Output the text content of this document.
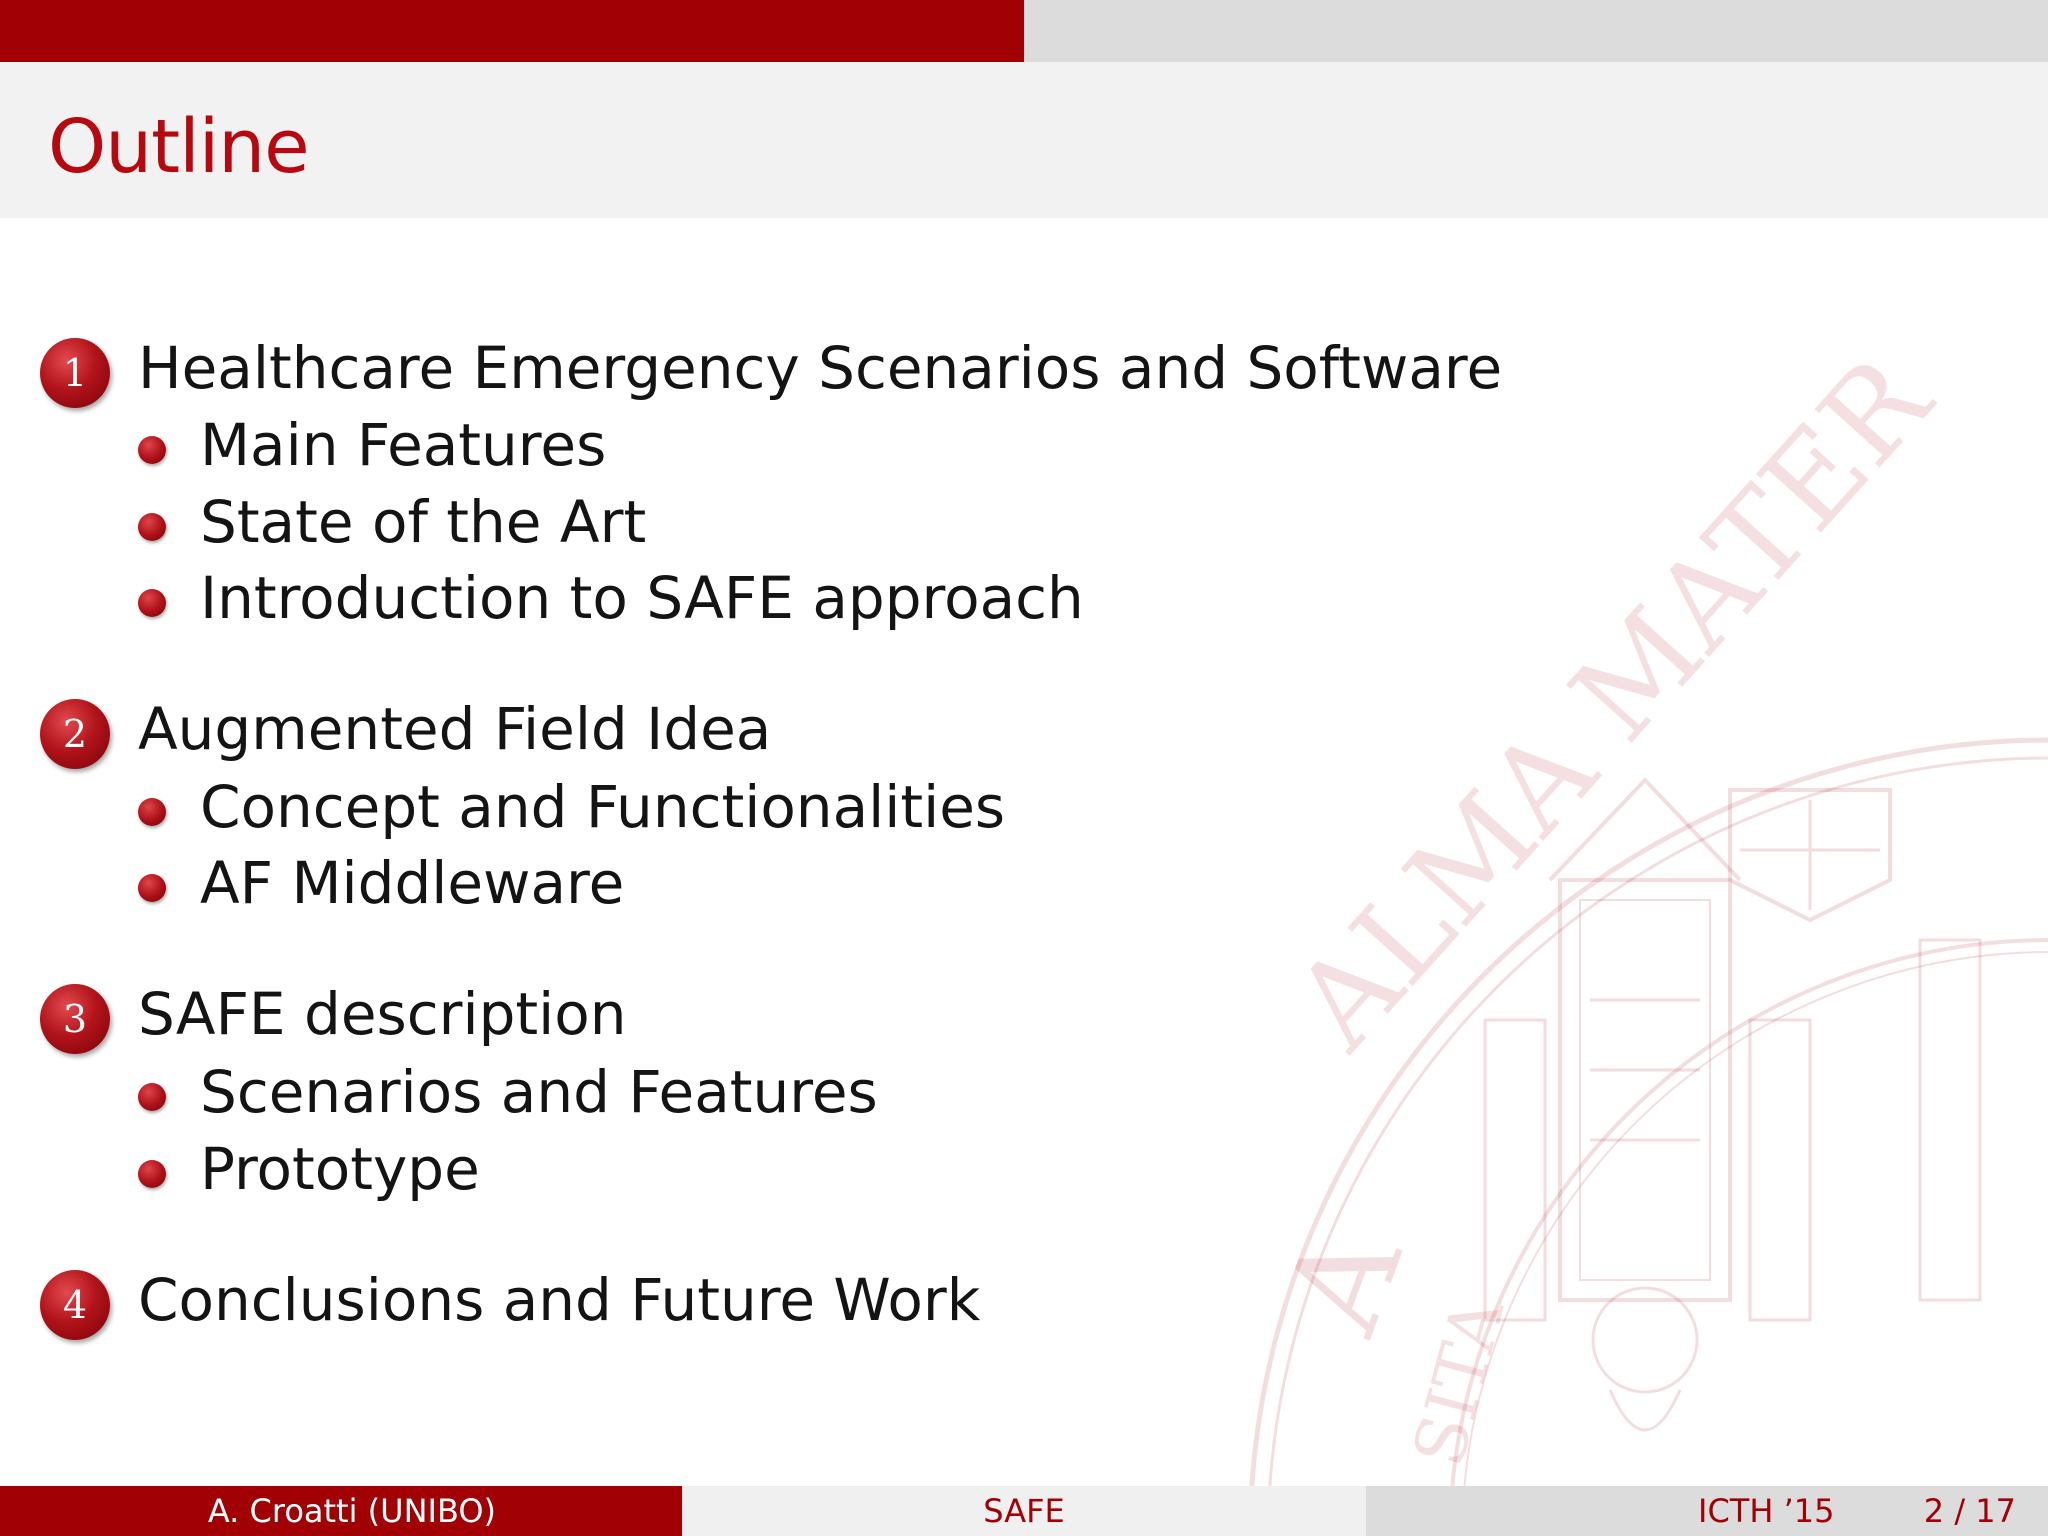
Outline
A
ALMA MATER
SITA
1 Healthcare Emergency Scenarios and Software
Main Features
State of the Art
Introduction to SAFE approach
2 Augmented Field Idea
Concept and Functionalities
AF Middleware
3 SAFE description
Scenarios and Features
Prototype
4 Conclusions and Future Work
A. Croatti (UNIBO)	SAFE	ICTH ’15	2 / 17
